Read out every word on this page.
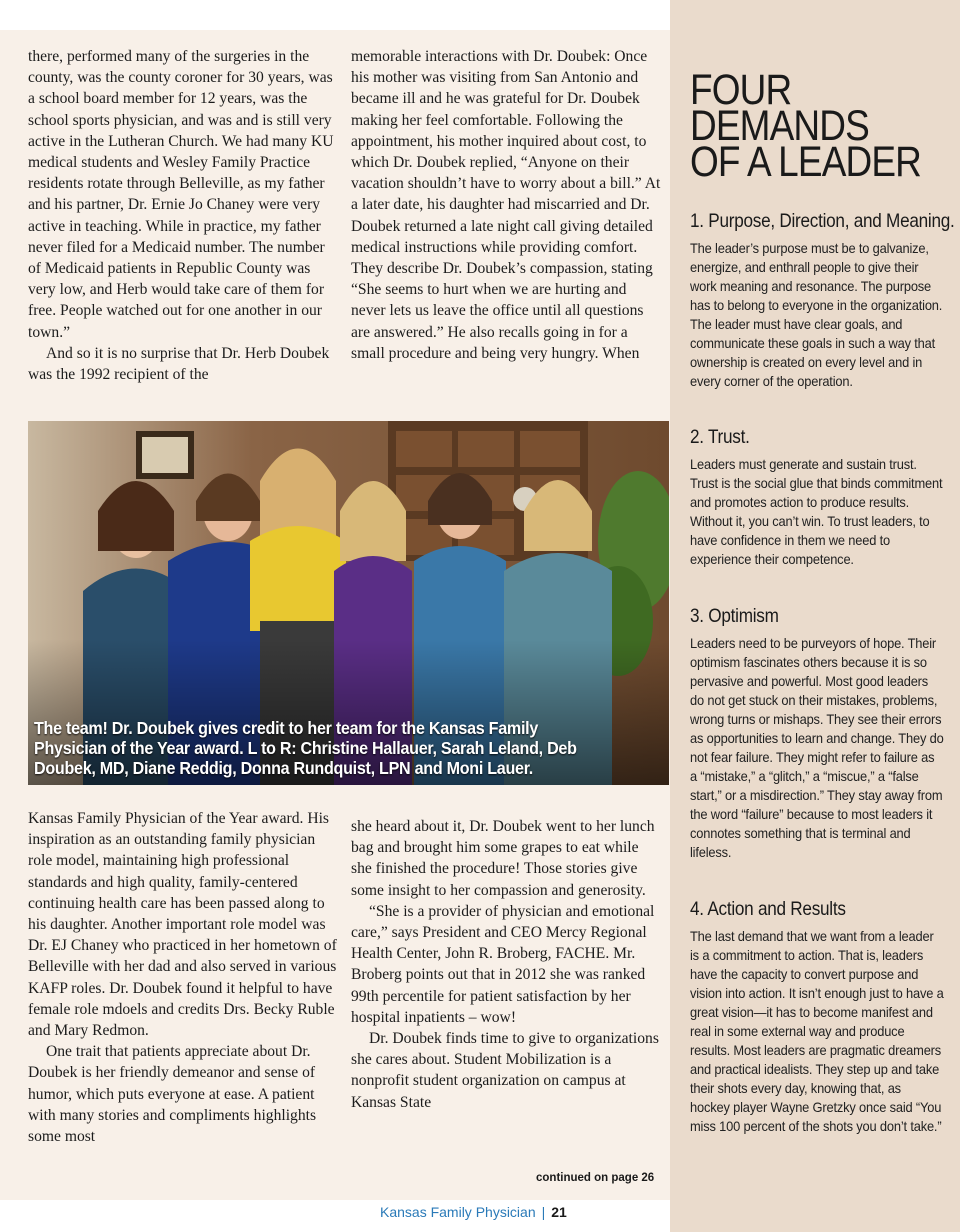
there, performed many of the surgeries in the county, was the county coroner for 30 years, was a school board member for 12 years, was the school sports physician, and was and is still very active in the Lutheran Church. We had many KU medical students and Wesley Family Practice residents rotate through Belleville, as my father and his partner, Dr. Ernie Jo Chaney were very active in teaching. While in practice, my father never filed for a Medicaid number. The number of Medicaid patients in Republic County was very low, and Herb would take care of them for free. People watched out for one another in our town.”

And so it is no surprise that Dr. Herb Doubek was the 1992 recipient of the

memorable interactions with Dr. Doubek: Once his mother was visiting from San Antonio and became ill and he was grateful for Dr. Doubek making her feel comfortable. Following the appointment, his mother inquired about cost, to which Dr. Doubek replied, “Anyone on their vacation shouldn’t have to worry about a bill.” At a later date, his daughter had miscarried and Dr. Doubek returned a late night call giving detailed medical instructions while providing comfort. They describe Dr. Doubek’s compassion, stating “She seems to hurt when we are hurting and never lets us leave the office until all questions are answered.” He also recalls going in for a small procedure and being very hungry. When

The team! Dr. Doubek gives credit to her team for the Kansas Family Physician of the Year award. L to R: Christine Hallauer, Sarah Leland, Deb Doubek, MD, Diane Reddig, Donna Rundquist, LPN and Moni Lauer.

Kansas Family Physician of the Year award. His inspiration as an outstanding family physician role model, maintaining high professional standards and high quality, family-centered continuing health care has been passed along to his daughter. Another important role model was Dr. EJ Chaney who practiced in her hometown of Belleville with her dad and also served in various KAFP roles. Dr. Doubek found it helpful to have female role mdoels and credits Drs. Becky Ruble and Mary Redmon.

One trait that patients appreciate about Dr. Doubek is her friendly demeanor and sense of humor, which puts everyone at ease. A patient with many stories and compliments highlights some most

she heard about it, Dr. Doubek went to her lunch bag and brought him some grapes to eat while she finished the procedure! Those stories give some insight to her compassion and generosity.

“She is a provider of physician and emotional care,” says President and CEO Mercy Regional Health Center, John R. Broberg, FACHE. Mr. Broberg points out that in 2012 she was ranked 99th percentile for patient satisfaction by her hospital inpatients – wow!

Dr. Doubek finds time to give to organizations she cares about. Student Mobilization is a nonprofit student organization on campus at Kansas State

continued on page 26
Kansas Family Physician | 21
FOUR
DEMANDS
OF A LEADER
1. Purpose, Direction, and Meaning.

The leader’s purpose must be to galvanize, energize, and enthrall people to give their work meaning and resonance. The purpose has to belong to everyone in the organization. The leader must have clear goals, and communicate these goals in such a way that ownership is created on every level and in every corner of the operation.

2. Trust.

Leaders must generate and sustain trust. Trust is the social glue that binds commitment and promotes action to produce results. Without it, you can’t win. To trust leaders, to have confidence in them we need to experience their competence.

3. Optimism

Leaders need to be purveyors of hope. Their optimism fascinates others because it is so pervasive and powerful. Most good leaders do not get stuck on their mistakes, problems, wrong turns or mishaps. They see their errors as opportunities to learn and change. They do not fear failure. They might refer to failure as a “mistake,” a “glitch,” a “miscue,” a “false start,” or a misdirection.” They stay away from the word “failure” because to most leaders it connotes something that is terminal and lifeless.

4. Action and Results

The last demand that we want from a leader is a commitment to action. That is, leaders have the capacity to convert purpose and vision into action. It isn’t enough just to have a great vision—it has to become manifest and real in some external way and produce results. Most leaders are pragmatic dreamers and practical idealists. They step up and take their shots every day, knowing that, as hockey player Wayne Gretzky once said “You miss 100 percent of the shots you don’t take.”
